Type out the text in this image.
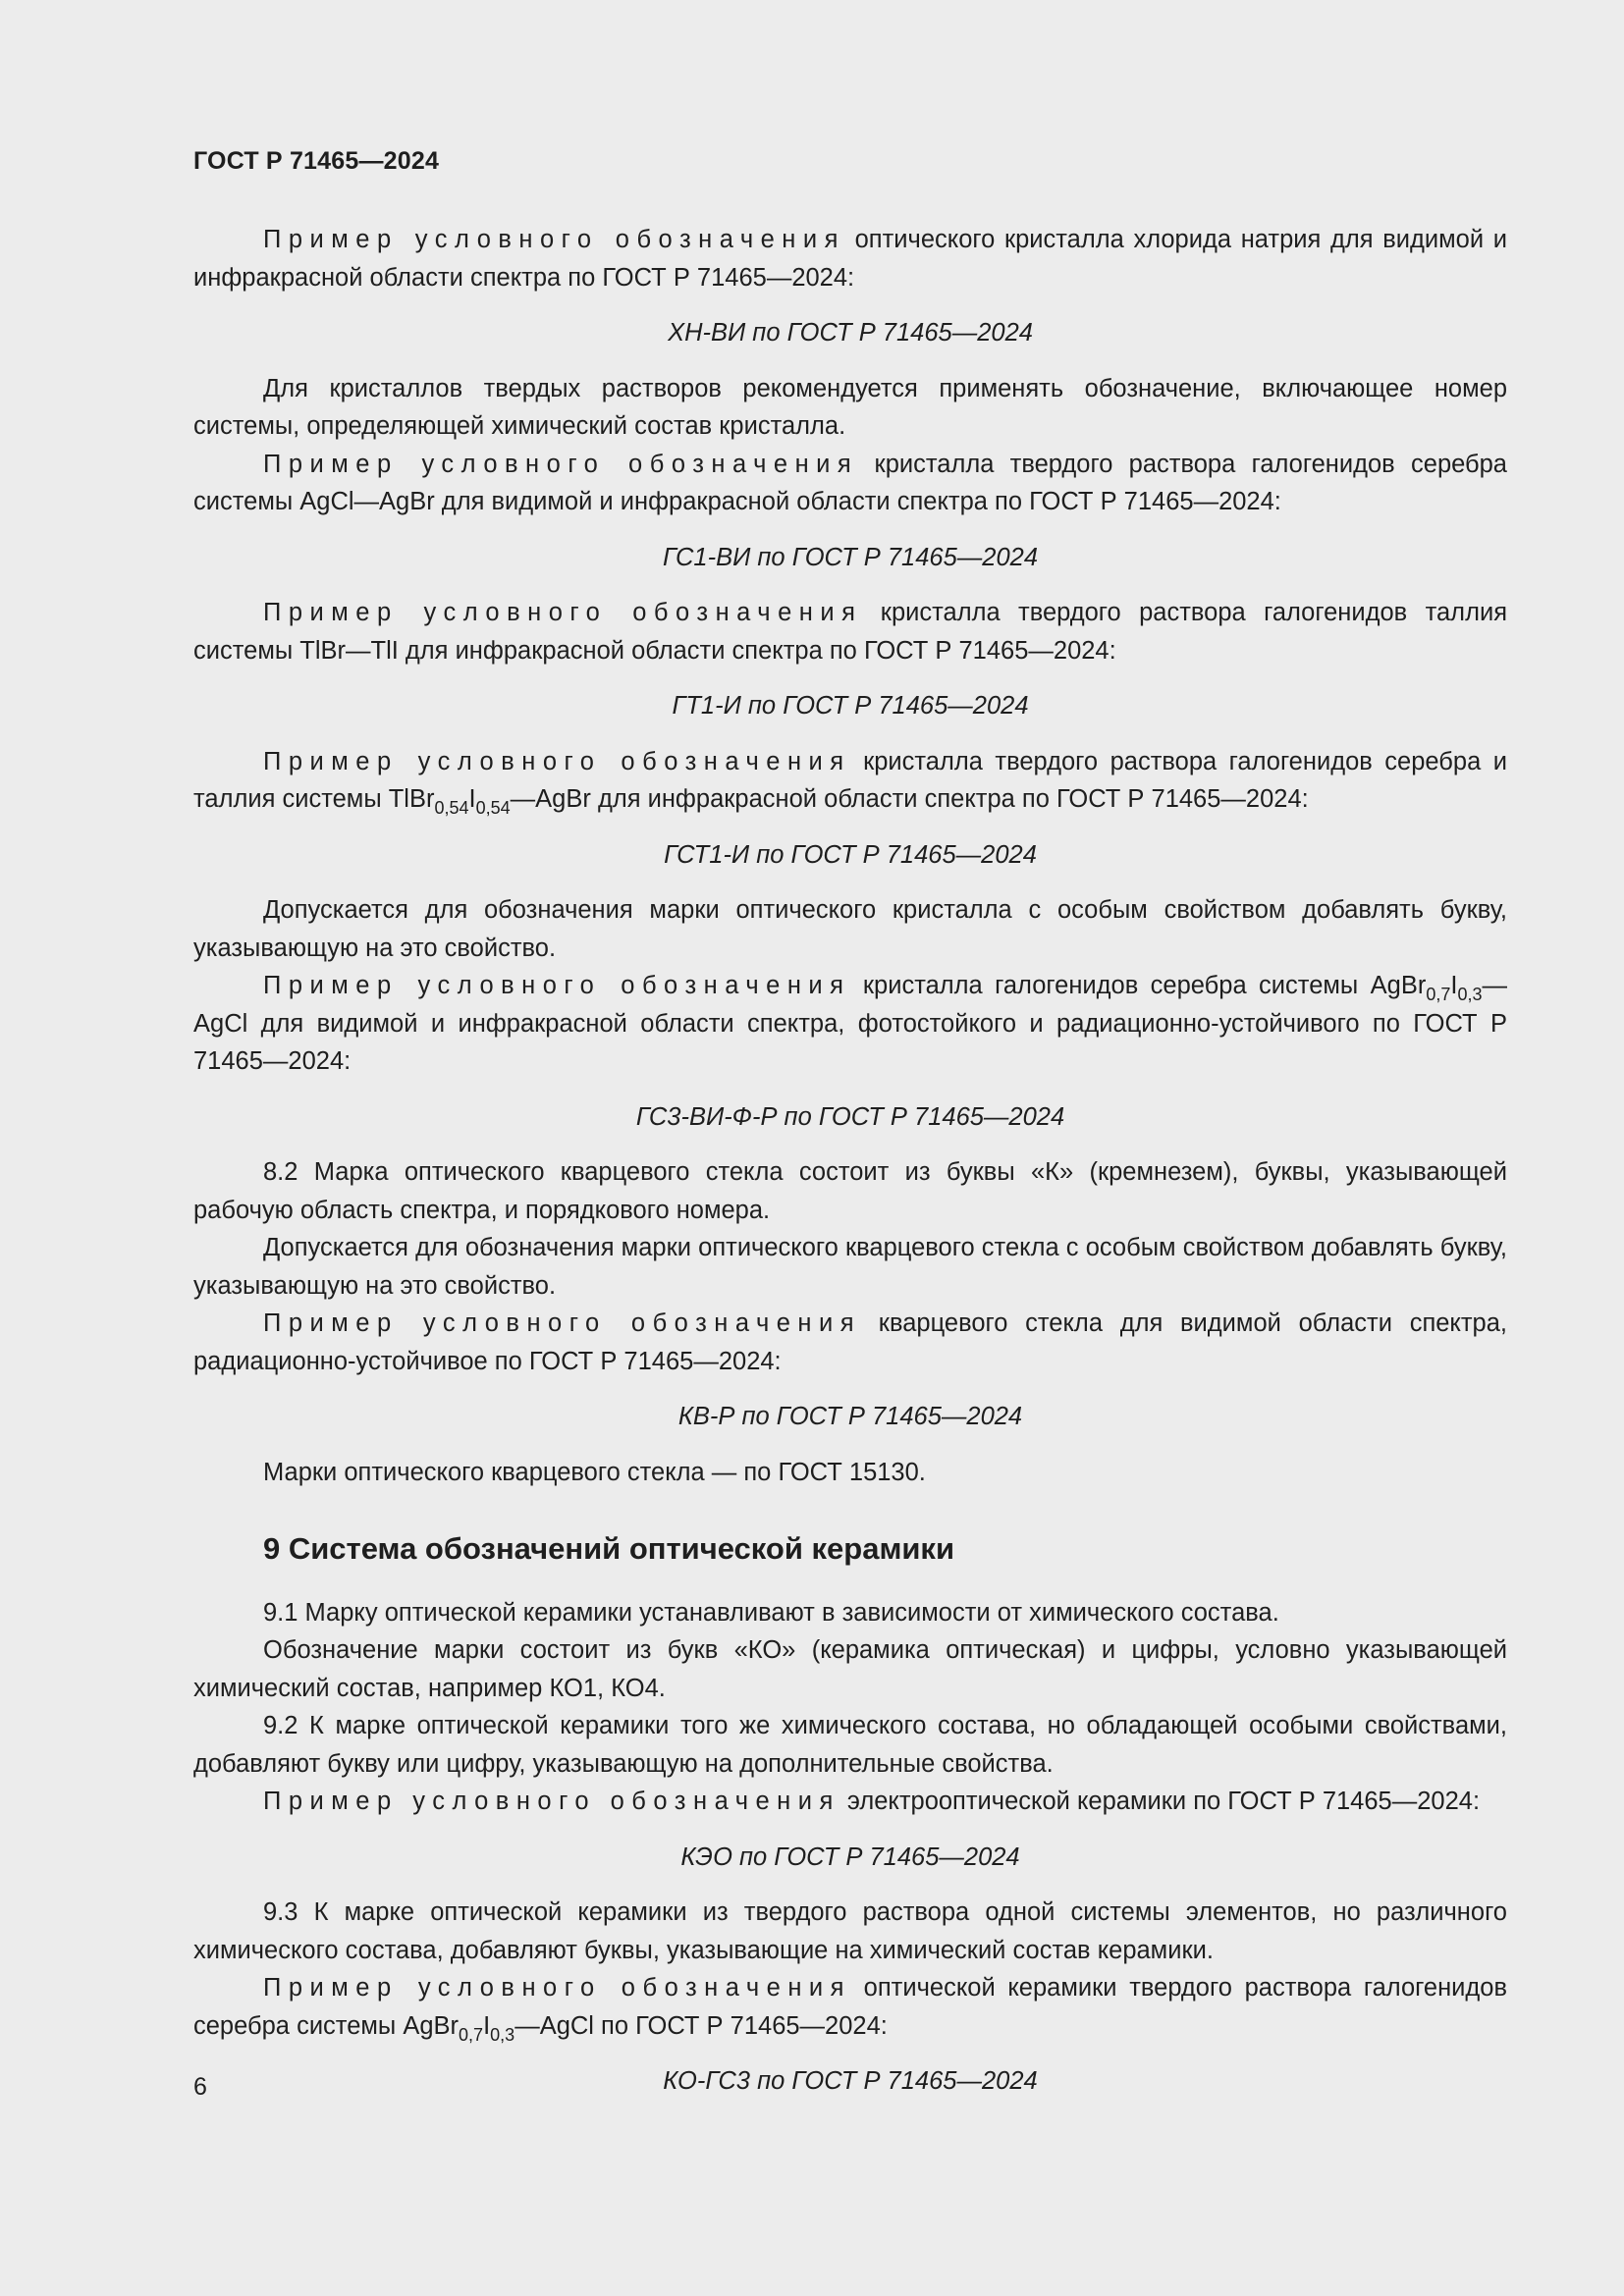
ГОСТ Р 71465—2024

Пример условного обозначения оптического кристалла хлорида натрия для видимой и инфракрасной области спектра по ГОСТ Р 71465—2024:

ХН-ВИ по ГОСТ Р 71465—2024

Для кристаллов твердых растворов рекомендуется применять обозначение, включающее номер системы, определяющей химический состав кристалла.

Пример условного обозначения кристалла твердого раствора галогенидов серебра системы AgCl—AgBr для видимой и инфракрасной области спектра по ГОСТ Р 71465—2024:

ГС1-ВИ по ГОСТ Р 71465—2024

Пример условного обозначения кристалла твердого раствора галогенидов таллия системы TlBr—TlI для инфракрасной области спектра по ГОСТ Р 71465—2024:

ГТ1-И по ГОСТ Р 71465—2024

Пример условного обозначения кристалла твердого раствора галогенидов серебра и таллия системы $TlBr_{0,54}I_{0,54}—AgBr$ для инфракрасной области спектра по ГОСТ Р 71465—2024:

ГСТ1-И по ГОСТ Р 71465—2024

Допускается для обозначения марки оптического кристалла с особым свойством добавлять букву, указывающую на это свойство.

Пример условного обозначения кристалла галогенидов серебра системы $AgBr_{0,7}I_{0,3}—AgCl$ для видимой и инфракрасной области спектра, фотостойкого и радиационно-устойчивого по ГОСТ Р 71465—2024:

ГС3-ВИ-Ф-Р по ГОСТ Р 71465—2024

8.2 Марка оптического кварцевого стекла состоит из буквы «К» (кремнезем), буквы, указывающей рабочую область спектра, и порядкового номера.

Допускается для обозначения марки оптического кварцевого стекла с особым свойством добавлять букву, указывающую на это свойство.

Пример условного обозначения кварцевого стекла для видимой области спектра, радиационно-устойчивое по ГОСТ Р 71465—2024:

КВ-Р по ГОСТ Р 71465—2024

Марки оптического кварцевого стекла — по ГОСТ 15130.

9 Система обозначений оптической керамики

9.1 Марку оптической керамики устанавливают в зависимости от химического состава.

Обозначение марки состоит из букв «КО» (керамика оптическая) и цифры, условно указывающей химический состав, например КО1, КО4.

9.2 К марке оптической керамики того же химического состава, но обладающей особыми свойствами, добавляют букву или цифру, указывающую на дополнительные свойства.

Пример условного обозначения электрооптической керамики по ГОСТ Р 71465—2024:

КЭО по ГОСТ Р 71465—2024

9.3 К марке оптической керамики из твердого раствора одной системы элементов, но различного химического состава, добавляют буквы, указывающие на химический состав керамики.

Пример условного обозначения оптической керамики твердого раствора галогенидов серебра системы $AgBr_{0,7}I_{0,3}—AgCl$ по ГОСТ Р 71465—2024:

КО-ГС3 по ГОСТ Р 71465—2024
6
